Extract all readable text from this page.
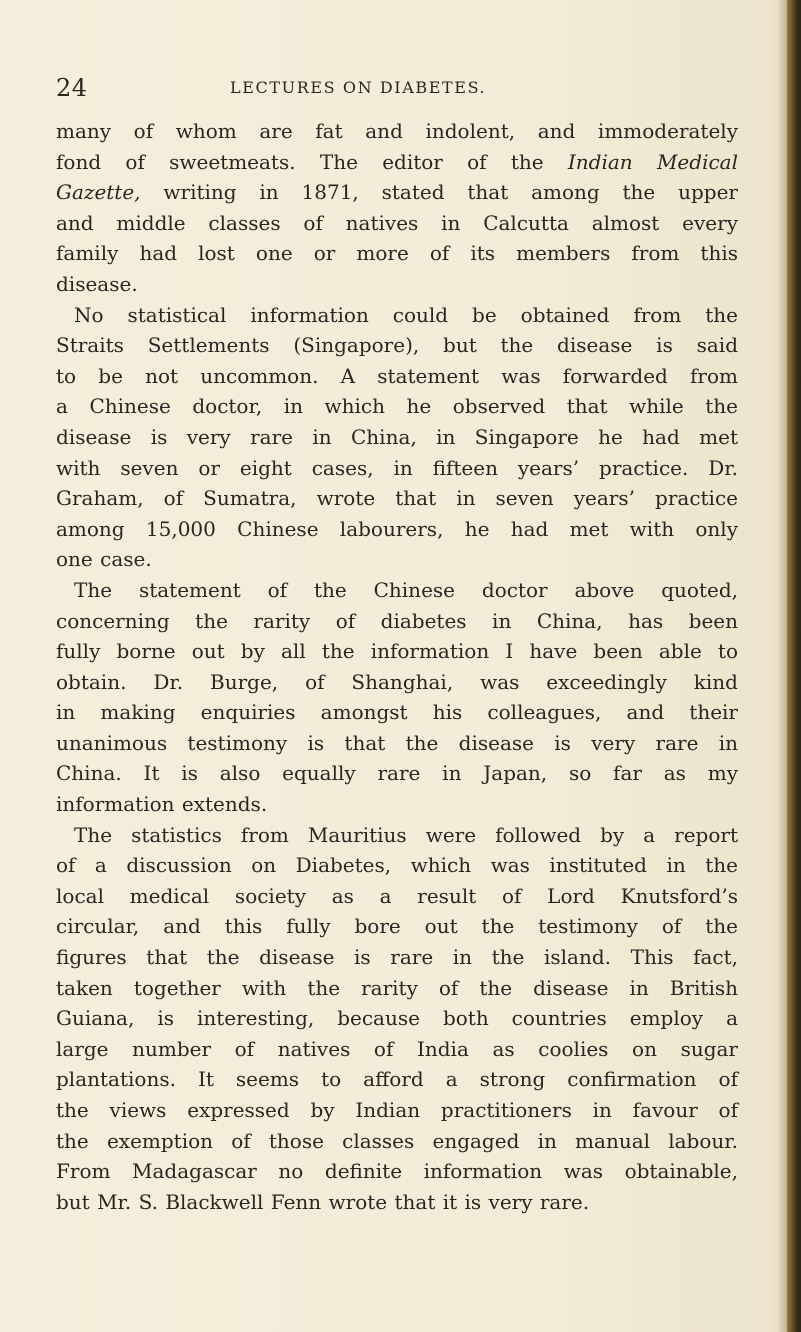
24	LECTURES ON DIABETES.
many of whom are fat and indolent, and immoderately
fond of sweetmeats. The editor of the Indian Medical
Gazette, writing in 1871, stated that among the upper
and middle classes of natives in Calcutta almost every
family had lost one or more of its members from this
disease.
No statistical information could be obtained from the
Straits Settlements (Singapore), but the disease is said
to be not uncommon. A statement was forwarded from
a Chinese doctor, in which he observed that while the
disease is very rare in China, in Singapore he had met
with seven or eight cases, in fifteen years’ practice. Dr.
Graham, of Sumatra, wrote that in seven years’ practice
among 15,000 Chinese labourers, he had met with only
one case.
The statement of the Chinese doctor above quoted,
concerning the rarity of diabetes in China, has been
fully borne out by all the information I have been able to
obtain. Dr. Burge, of Shanghai, was exceedingly kind
in making enquiries amongst his colleagues, and their
unanimous testimony is that the disease is very rare in
China. It is also equally rare in Japan, so far as my
information extends.
The statistics from Mauritius were followed by a report
of a discussion on Diabetes, which was instituted in the
local medical society as a result of Lord Knutsford’s
circular, and this fully bore out the testimony of the
figures that the disease is rare in the island. This fact,
taken together with the rarity of the disease in British
Guiana, is interesting, because both countries employ a
large number of natives of India as coolies on sugar
plantations. It seems to afford a strong confirmation of
the views expressed by Indian practitioners in favour of
the exemption of those classes engaged in manual labour.
From Madagascar no definite information was obtainable,
but Mr. S. Blackwell Fenn wrote that it is very rare.
